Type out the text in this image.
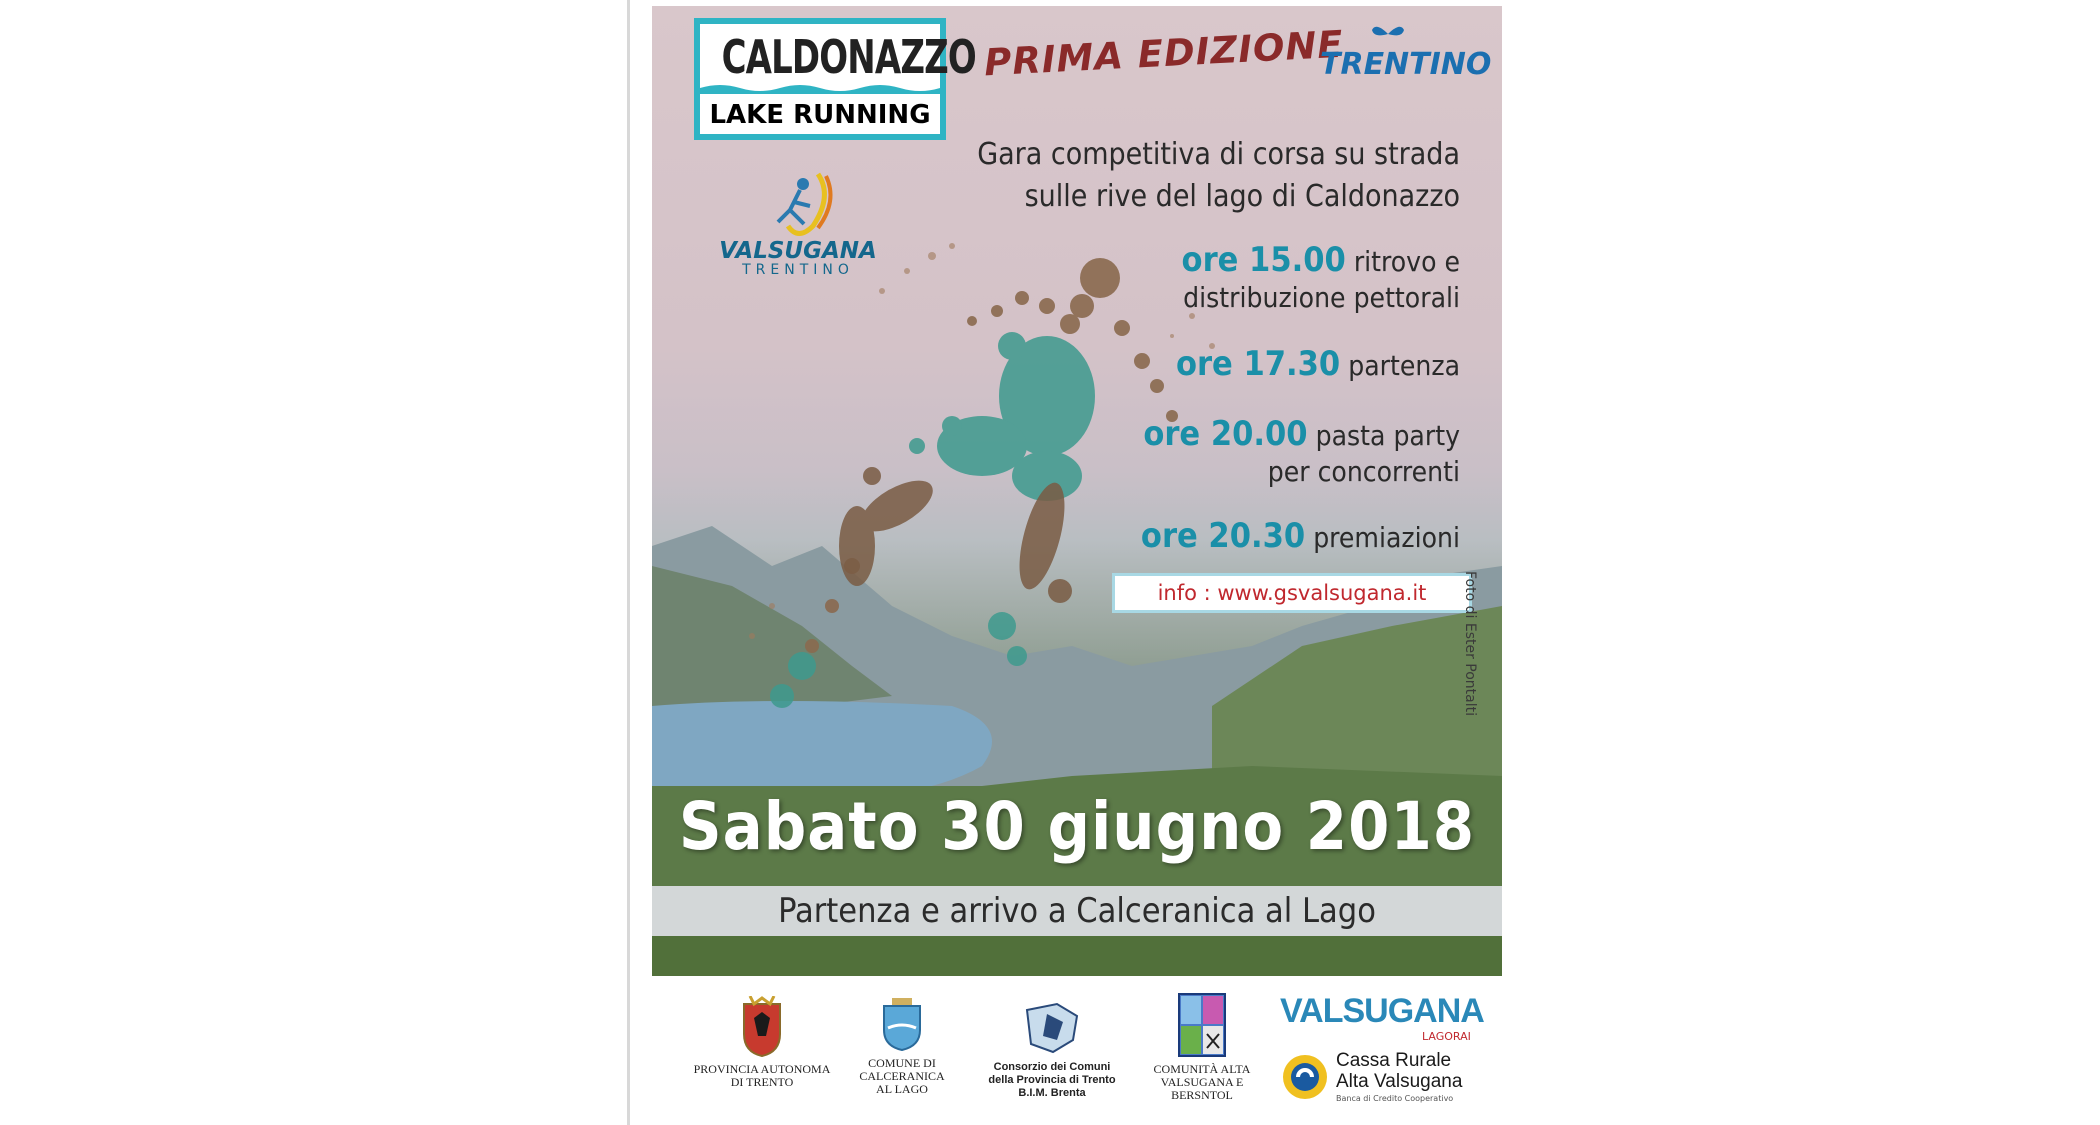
CALDONAZZO
LAKE RUNNING
PRIMA EDIZIONE
TRENTINO
Gara competitiva di corsa su strada
sulle rive del lago di Caldonazzo
VALSUGANA
TRENTINO	ore 15.00 ritrovo e
distribuzione pettorali
ore 17.30 partenza
ore 20.00 pasta party
per concorrenti
ore 20.30 premiazioni
info : www.gsvalsugana.it	Foto di Ester Pontalti
Sabato 30 giugno 2018
Partenza e arrivo a Calceranica al Lago
PROVINCIA AUTONOMA
DI TRENTO
COMUNE DI
CALCERANICA
AL LAGO
Consorzio dei Comuni
della Provincia di Trento
B.I.M. Brenta
COMUNITÀ ALTA
VALSUGANA E
BERSNTOL
VALSUGANA
LAGORAI
Cassa Rurale
Alta Valsugana
Banca di Credito Cooperativo
